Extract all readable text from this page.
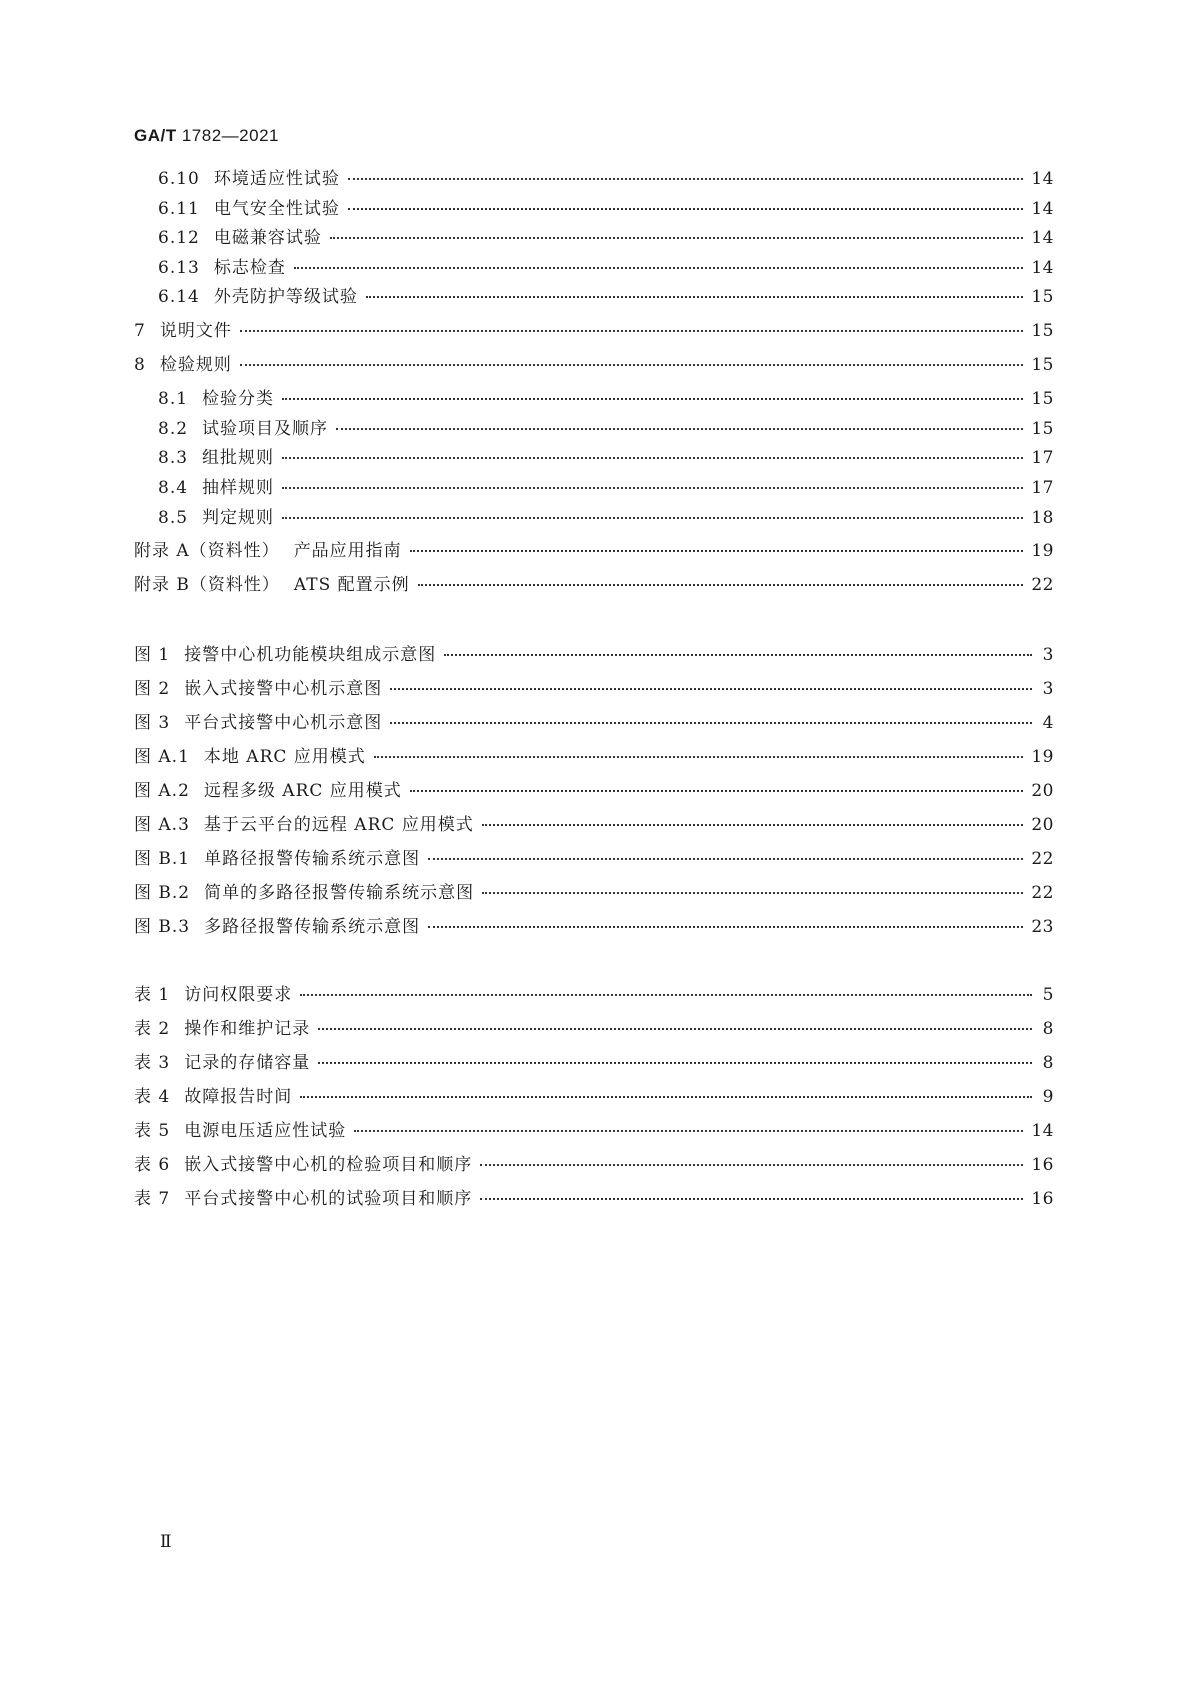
GA/T 1782—2021
6.10 环境适应性试验	14
6.11 电气安全性试验	14
6.12 电磁兼容试验	14
6.13 标志检查	14
6.14 外壳防护等级试验	15
7 说明文件	15
8 检验规则	15
8.1 检验分类	15
8.2 试验项目及顺序	15
8.3 组批规则	17
8.4 抽样规则	17
8.5 判定规则	18
附录 A（资料性） 产品应用指南	19
附录 B（资料性） ATS 配置示例	22
图 1 接警中心机功能模块组成示意图	3
图 2 嵌入式接警中心机示意图	3
图 3 平台式接警中心机示意图	4
图 A.1 本地 ARC 应用模式	19
图 A.2 远程多级 ARC 应用模式	20
图 A.3 基于云平台的远程 ARC 应用模式	20
图 B.1 单路径报警传输系统示意图	22
图 B.2 简单的多路径报警传输系统示意图	22
图 B.3 多路径报警传输系统示意图	23
表 1 访问权限要求	5
表 2 操作和维护记录	8
表 3 记录的存储容量	8
表 4 故障报告时间	9
表 5 电源电压适应性试验	14
表 6 嵌入式接警中心机的检验项目和顺序	16
表 7 平台式接警中心机的试验项目和顺序	16
Ⅱ
